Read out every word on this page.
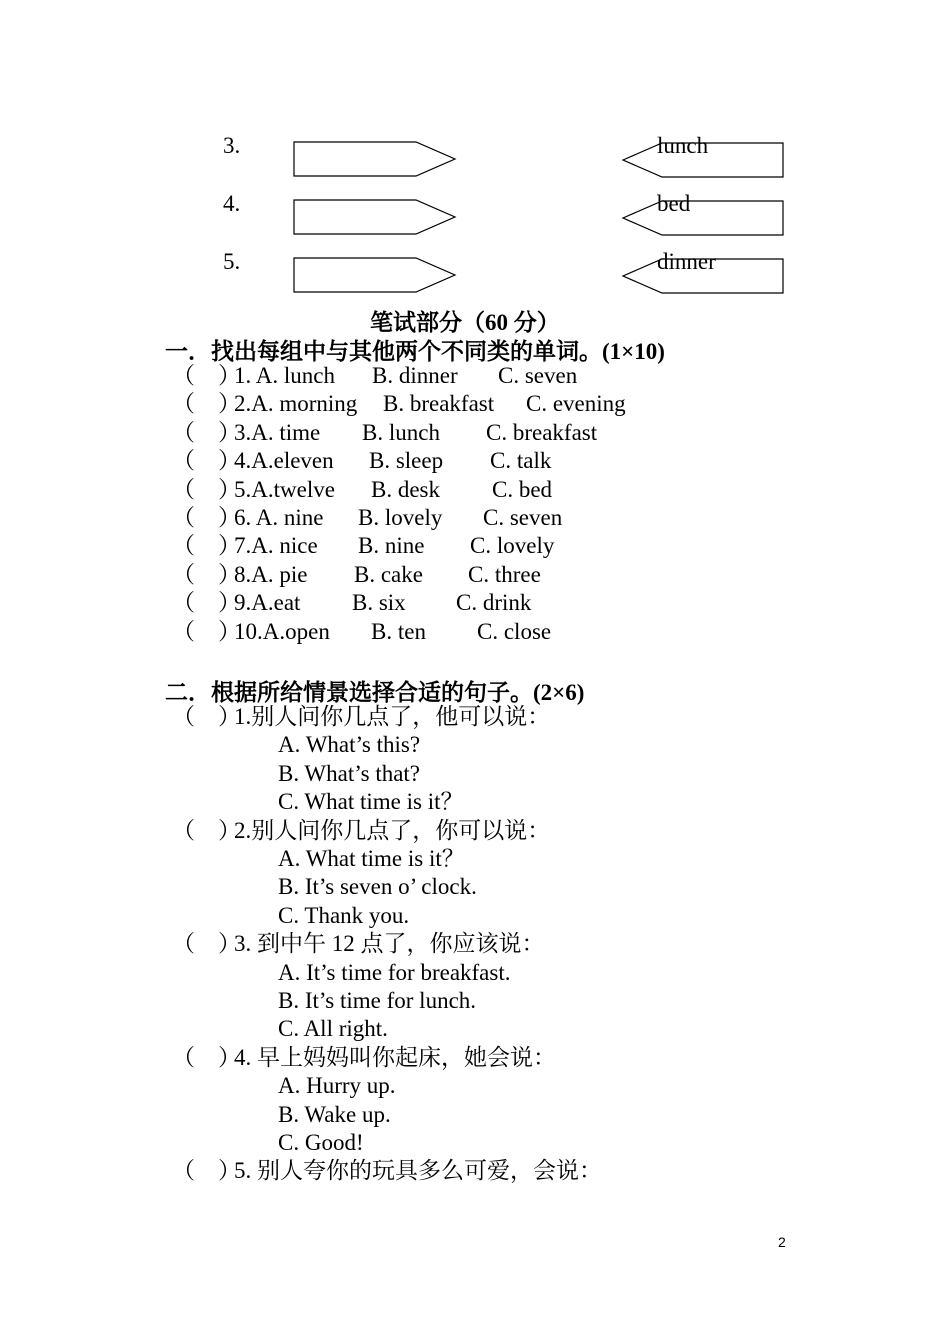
3.	lunch
4.	bed
5.	dinner
笔试部分（60 分）
一．找出每组中与其他两个不同类的单词。(1×10)
（　）
1. A. lunch B. dinner C. seven
（　）
2.A. morning B. breakfast C. evening
（　）
3.A. time B. lunch C. breakfast
（　）
4.A.eleven B. sleep C. talk
（　）
5.A.twelve B. desk C. bed
（　）
6. A. nine B. lovely C. seven
（　）
7.A. nice B. nine C. lovely
（　）
8.A. pie B. cake C. three
（　）
9.A.eat B. six C. drink
（　）
10.A.open B. ten C. close
二．根据所给情景选择合适的句子。(2×6)
（　）
1.别人问你几点了，他可以说：
A. What’s this?
B. What’s that?
C. What time is it？
（　）
2.别人问你几点了，你可以说：
A. What time is it？
B. It’s seven o’ clock.
C. Thank you.
（　）
3. 到中午 12 点了，你应该说：
A. It’s time for breakfast.
B. It’s time for lunch.
C. All right.
（　）
4. 早上妈妈叫你起床，她会说：
A. Hurry up.
B. Wake up.
C. Good!
（　）
5. 别人夸你的玩具多么可爱，会说：
2
